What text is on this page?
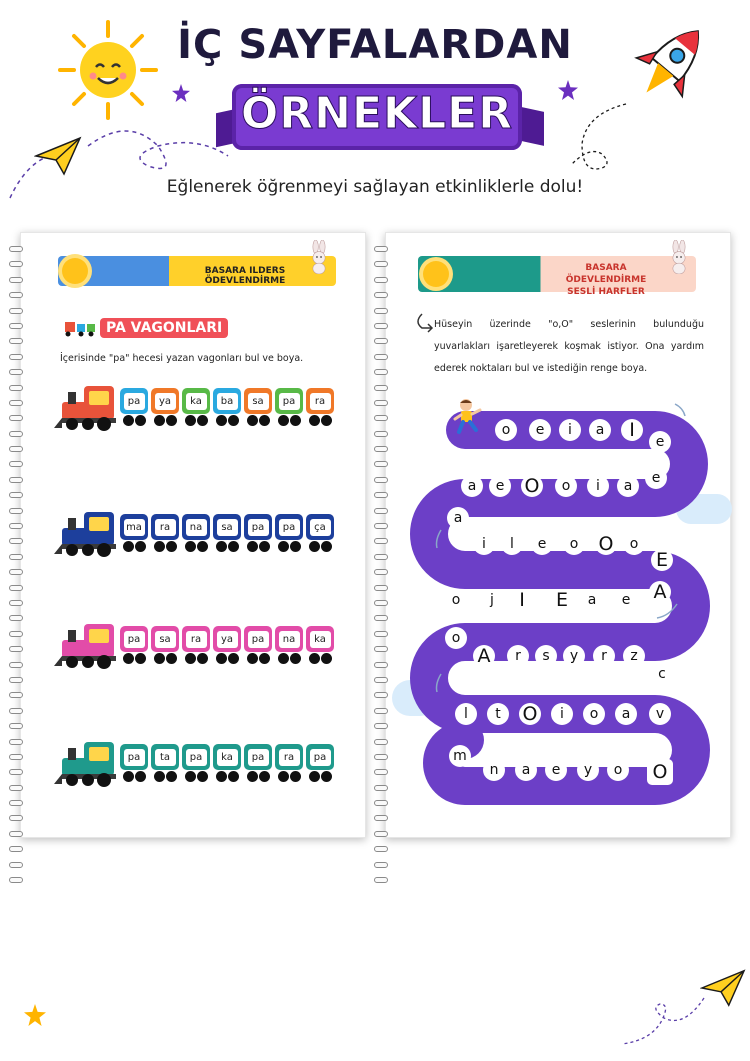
İÇ SAYFALARDAN
ÖRNEKLER
Eğlenerek öğrenmeyi sağlayan etkinliklerle dolu!
BASARA ILDERS ÖDEVLENDİRME
PA VAGONLARI
İçerisinde "pa" hecesi yazan vagonları bul ve boya.
pa	ya	ka	ba	sa	pa	ra
ma	ra	na	sa	pa	pa	ça
pa	sa	ra	ya	pa	na	ka
pa	ta	pa	ka	pa	ra	pa
BASARA ÖDEVLENDİRME SESLİ HARFLER
Hüseyin üzerinde "o,O" seslerinin bulunduğu yuvarlakları işaretleyerek koşmak istiyor. Ona yardım ederek noktaları bul ve istediğin renge boya.
o	e	i	a	I
e
a	e	O	o	i	a	e
a
i	l	e	o	O	o
E
o	j	I	E	a	e	A
o
A	r	s	y	r	z
c
v
a
o
i
O
t
l
m
n	a	e	y	o	O
